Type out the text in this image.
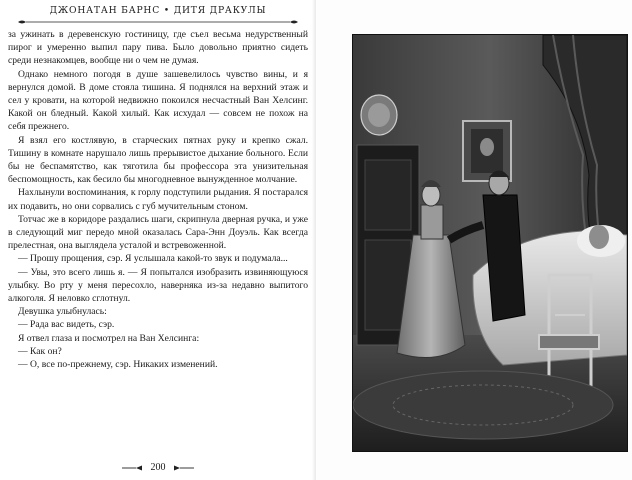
ДЖОНАТАН БАРНС • ДИТЯ ДРАКУЛЫ

за ужинать в деревенскую гостиницу, где съел весьма недурственный пирог и умеренно выпил пару пива. Было довольно приятно сидеть среди незнакомцев, вообще ни о чем не думая.

Однако немного погодя в душе зашевелилось чувство вины, и я вернулся домой. В доме стояла тишина. Я поднялся на верхний этаж и сел у кровати, на которой недвижно покоился несчастный Ван Хелсинг. Какой он бледный. Какой хилый. Как исхудал — совсем не похож на себя прежнего.

Я взял его костлявую, в старческих пятнах руку и крепко сжал. Тишину в комнате нарушало лишь прерывистое дыхание больного. Если бы не беспамятство, как тяготила бы профессора эта унизительная беспомощность, как бесило бы многодневное вынужденное молчание.

Нахлынули воспоминания, к горлу подступили рыдания. Я постарался их подавить, но они сорвались с губ мучительным стоном.

Тотчас же в коридоре раздались шаги, скрипнула дверная ручка, и уже в следующий миг передо мной оказалась Сара-Энн Доуэль. Как всегда прелестная, она выглядела усталой и встревоженной.

— Прошу прощения, сэр. Я услышала какой-то звук и подумала...

— Увы, это всего лишь я. — Я попытался изобразить извиняющуюся улыбку. Во рту у меня пересохло, наверняка из-за недавно выпитого алкоголя. Я неловко сглотнул.

Девушка улыбнулась:

— Рада вас видеть, сэр.

Я отвел глаза и посмотрел на Ван Хелсинга:

— Как он?

— О, все по-прежнему, сэр. Никаких изменений.

200
